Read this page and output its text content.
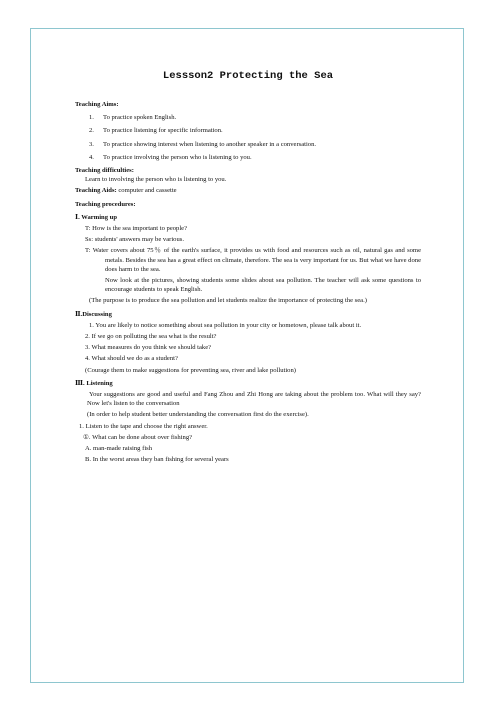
Lessson2 Protecting the Sea
Teaching Aims:
1. To practice spoken English.
2. To practice listening for specific information.
3. To practice showing interest when listening to another speaker in a conversation.
4. To practice involving the person who is listening to you.
Teaching difficulties:
Learn to involving the person who is listening to you.
Teaching Aids: computer and cassette
Teaching procedures:
Ⅰ. Warming up
T: How is the sea important to people?
Ss: students' answers may be various.
T: Water covers about 75％ of the earth's surface, it provides us with food and resources such as oil, natural gas and some metals. Besides the sea has a great effect on climate, therefore. The sea is very important for us. But what we have done does harm to the sea.
Now look at the pictures, showing students some slides about sea pollution. The teacher will ask some questions to encourage students to speak English.
(The purpose is to produce the sea pollution and let students realize the importance of protecting the sea.)
Ⅱ.Discussing
1. You are likely to notice something about sea pollution in your city or hometown, please talk about it.
2. If we go on polluting the sea what is the result?
3. What measures do you think we should take?
4. What should we do as a student?
(Courage them to make suggestions for preventing sea, river and lake pollution)
Ⅲ. Listening
Your suggestions are good and useful and Fang Zhou and Zhi Hong are taking about the problem too. What will they say? Now let's listen to the conversation
(In order to help student better understanding the conversation first do the exercise).
1. Listen to the tape and choose the right answer.
①. What can be done about over fishing?
A. man-made raising fish
B. In the worst areas they ban fishing for several years
